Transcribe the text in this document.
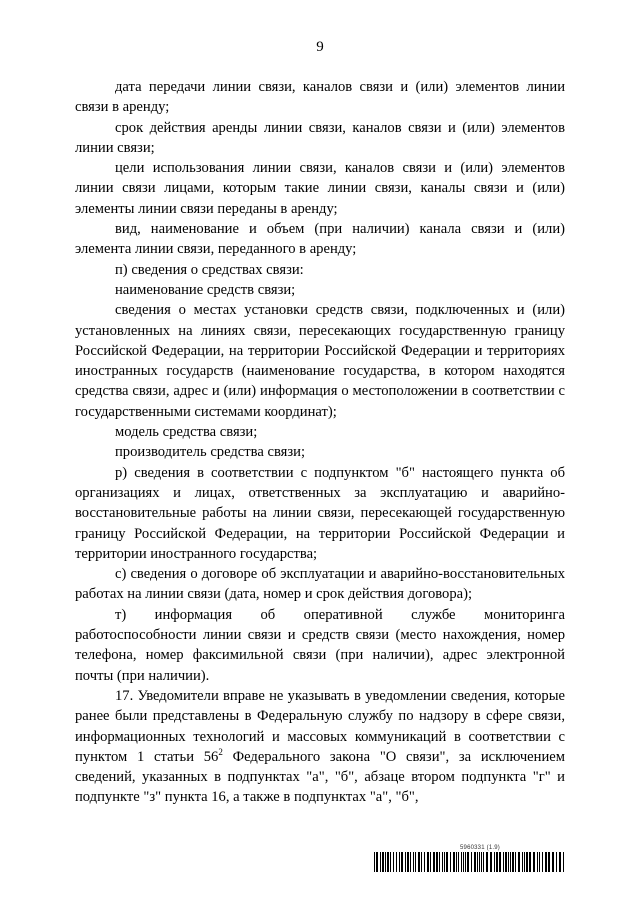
9

дата передачи линии связи, каналов связи и (или) элементов линии связи в аренду;

срок действия аренды линии связи, каналов связи и (или) элементов линии связи;

цели использования линии связи, каналов связи и (или) элементов линии связи лицами, которым такие линии связи, каналы связи и (или) элементы линии связи переданы в аренду;

вид, наименование и объем (при наличии) канала связи и (или) элемента линии связи, переданного в аренду;

п) сведения о средствах связи:

наименование средств связи;

сведения о местах установки средств связи, подключенных и (или) установленных на линиях связи, пересекающих государственную границу Российской Федерации, на территории Российской Федерации и территориях иностранных государств (наименование государства, в котором находятся средства связи, адрес и (или) информация о местоположении в соответствии с государственными системами координат);

модель средства связи;

производитель средства связи;

р) сведения в соответствии с подпунктом "б" настоящего пункта об организациях и лицах, ответственных за эксплуатацию и аварийно-восстановительные работы на линии связи, пересекающей государственную границу Российской Федерации, на территории Российской Федерации и территории иностранного государства;

с) сведения о договоре об эксплуатации и аварийно-восстановительных работах на линии связи (дата, номер и срок действия договора);

т) информация об оперативной службе мониторинга работоспособности линии связи и средств связи (место нахождения, номер телефона, номер факсимильной связи (при наличии), адрес электронной почты (при наличии).

17. Уведомители вправе не указывать в уведомлении сведения, которые ранее были представлены в Федеральную службу по надзору в сфере связи, информационных технологий и массовых коммуникаций в соответствии с пунктом 1 статьи $56^2$ Федерального закона "О связи", за исключением сведений, указанных в подпунктах "а", "б", абзаце втором подпункта "г" и подпункте "з" пункта 16, а также в подпунктах "а", "б",

5960331 (1.9)
